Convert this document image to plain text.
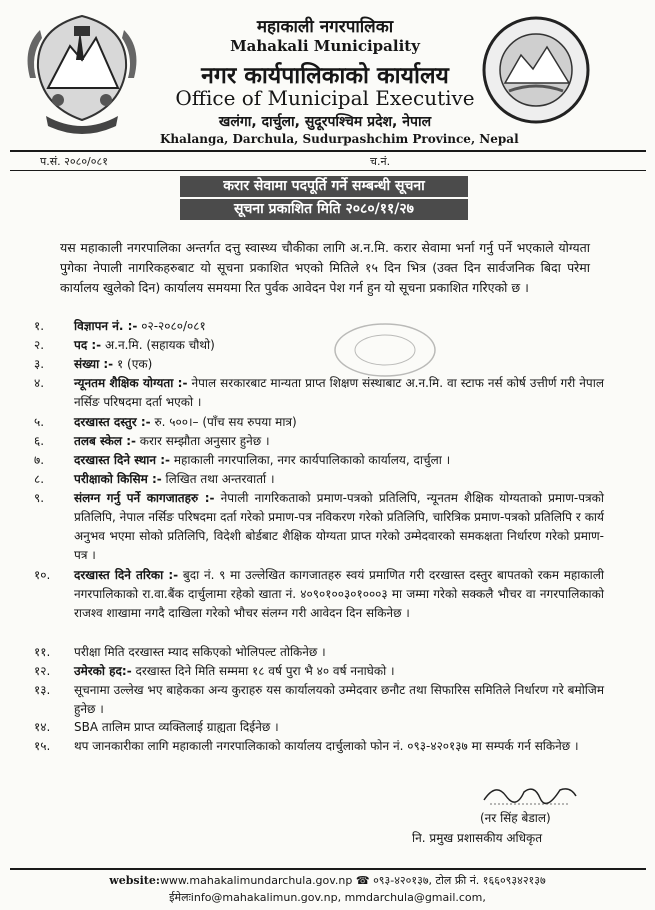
महाकाली नगरपालिका
Mahakali Municipality
नगर कार्यपालिकाको कार्यालय
Office of Municipal Executive
खलंगा, दार्चुला, सुदूरपश्चिम प्रदेश, नेपाल
Khalanga, Darchula, Sudurpashchim Province, Nepal
प.सं. २०८०/०८१	च.नं.
करार सेवामा पदपूर्ति गर्ने सम्बन्धी सूचना
सूचना प्रकाशित मिति २०८०/११/२७
यस महाकाली नगरपालिका अन्तर्गत दत्तु स्वास्थ्य चौकीका लागि अ.न.मि. करार सेवामा भर्ना गर्नु पर्ने भएकाले योग्यता पुगेका नेपाली नागरिकहरुबाट यो सूचना प्रकाशित भएको मितिले १५ दिन भित्र (उक्त दिन सार्वजनिक बिदा परेमा कार्यालय खुलेको दिन) कार्यालय समयमा रित पुर्वक आवेदन पेश गर्न हुन यो सूचना प्रकाशित गरिएको छ ।
१. विज्ञापन नं. :- ०२-२०८०/०८१
२. पद :- अ.न.मि. (सहायक चौथो)
३. संख्या :- १ (एक)
४. न्यूनतम शैक्षिक योग्यता :- नेपाल सरकारबाट मान्यता प्राप्त शिक्षण संस्थाबाट अ.न.मि. वा स्टाफ नर्स कोर्ष उत्तीर्ण गरी नेपाल नर्सिङ परिषदमा दर्ता भएको ।
५. दरखास्त दस्तुर :- रु. ५००।– (पाँच सय रुपया मात्र)
६. तलब स्केल :- करार सम्झौता अनुसार हुनेछ ।
७. दरखास्त दिने स्थान :- महाकाली नगरपालिका, नगर कार्यपालिकाको कार्यालय, दार्चुला ।
८. परीक्षाको किसिम :- लिखित तथा अन्तरवार्ता ।
९. संलग्न गर्नु पर्ने कागजातहरु :- नेपाली नागरिकताको प्रमाण-पत्रको प्रतिलिपि, न्यूनतम शैक्षिक योग्यताको प्रमाण-पत्रको प्रतिलिपि, नेपाल नर्सिङ परिषदमा दर्ता गरेको प्रमाण-पत्र नविकरण गरेको प्रतिलिपि, चारित्रिक प्रमाण-पत्रको प्रतिलिपि र कार्य अनुभव भएमा सोको प्रतिलिपि, विदेशी बोर्डबाट शैक्षिक योग्यता प्राप्त गरेको उम्मेदवारको समकक्षता निर्धारण गरेको प्रमाण-पत्र ।
१०. दरखास्त दिने तरिका :- बुदा नं. ९ मा उल्लेखित कागजातहरु स्वयं प्रमाणित गरी दरखास्त दस्तुर बापतको रकम महाकाली नगरपालिकाको रा.वा.बैंक दार्चुलामा रहेको खाता नं. ४०९०१००३०१०००३ मा जम्मा गरेको सक्कलै भौचर वा नगरपालिकाको राजश्व शाखामा नगदै दाखिला गरेको भौचर संलग्न गरी आवेदन दिन सकिनेछ ।
११. परीक्षा मिति दरखास्त म्याद सकिएको भोलिपल्ट तोकिनेछ ।
१२. उमेरको हद:- दरखास्त दिने मिति सम्ममा १८ वर्ष पुरा भै ४० वर्ष ननाघेको ।
१३. सूचनामा उल्लेख भए बाहेकका अन्य कुराहरु यस कार्यालयको उम्मेदवार छनौट तथा सिफारिस समितिले निर्धारण गरे बमोजिम हुनेछ ।
१४. SBA तालिम प्राप्त व्यक्तिलाई ग्राह्यता दिईनेछ ।
१५. थप जानकारीका लागि महाकाली नगरपालिकाको कार्यालय दार्चुलाको फोन नं. ०९३-४२०१३७ मा सम्पर्क गर्न सकिनेछ ।
(नर सिंह बेडाल)
नि. प्रमुख प्रशासकीय अधिकृत
website:www.mahakalimundarchula.gov.np ☎ ०९३-४२०१३७, टोल फ्री नं. १६६०९३४२१३७
ईमेलःinfo@mahakalimun.gov.np, mmdarchula@gmail.com,
